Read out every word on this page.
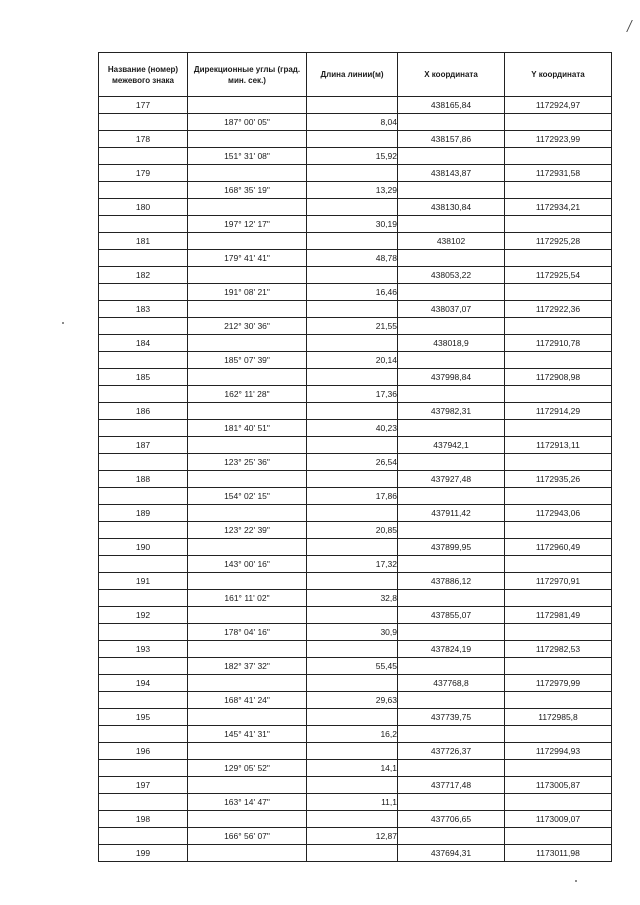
Название (номер) межевого знака	Дирекционные углы (град. мин. сек.)	Длина линии(м)	X координата	Y координата
177			438165,84	1172924,97
	187° 00' 05"	8,04		
178			438157,86	1172923,99
	151° 31' 08"	15,92		
179			438143,87	1172931,58
	168° 35' 19"	13,29		
180			438130,84	1172934,21
	197° 12' 17"	30,19		
181			438102	1172925,28
	179° 41' 41"	48,78		
182			438053,22	1172925,54
	191° 08' 21"	16,46		
183			438037,07	1172922,36
	212° 30' 36"	21,55		
184			438018,9	1172910,78
	185° 07' 39"	20,14		
185			437998,84	1172908,98
	162° 11' 28"	17,36		
186			437982,31	1172914,29
	181° 40' 51"	40,23		
187			437942,1	1172913,11
	123° 25' 36"	26,54		
188			437927,48	1172935,26
	154° 02' 15"	17,86		
189			437911,42	1172943,06
	123° 22' 39"	20,85		
190			437899,95	1172960,49
	143° 00' 16"	17,32		
191			437886,12	1172970,91
	161° 11' 02"	32,8		
192			437855,07	1172981,49
	178° 04' 16"	30,9		
193			437824,19	1172982,53
	182° 37' 32"	55,45		
194			437768,8	1172979,99
	168° 41' 24"	29,63		
195			437739,75	1172985,8
	145° 41' 31"	16,2		
196			437726,37	1172994,93
	129° 05' 52"	14,1		
197			437717,48	1173005,87
	163° 14' 47"	11,1		
198			437706,65	1173009,07
	166° 56' 07"	12,87		
199			437694,31	1173011,98
